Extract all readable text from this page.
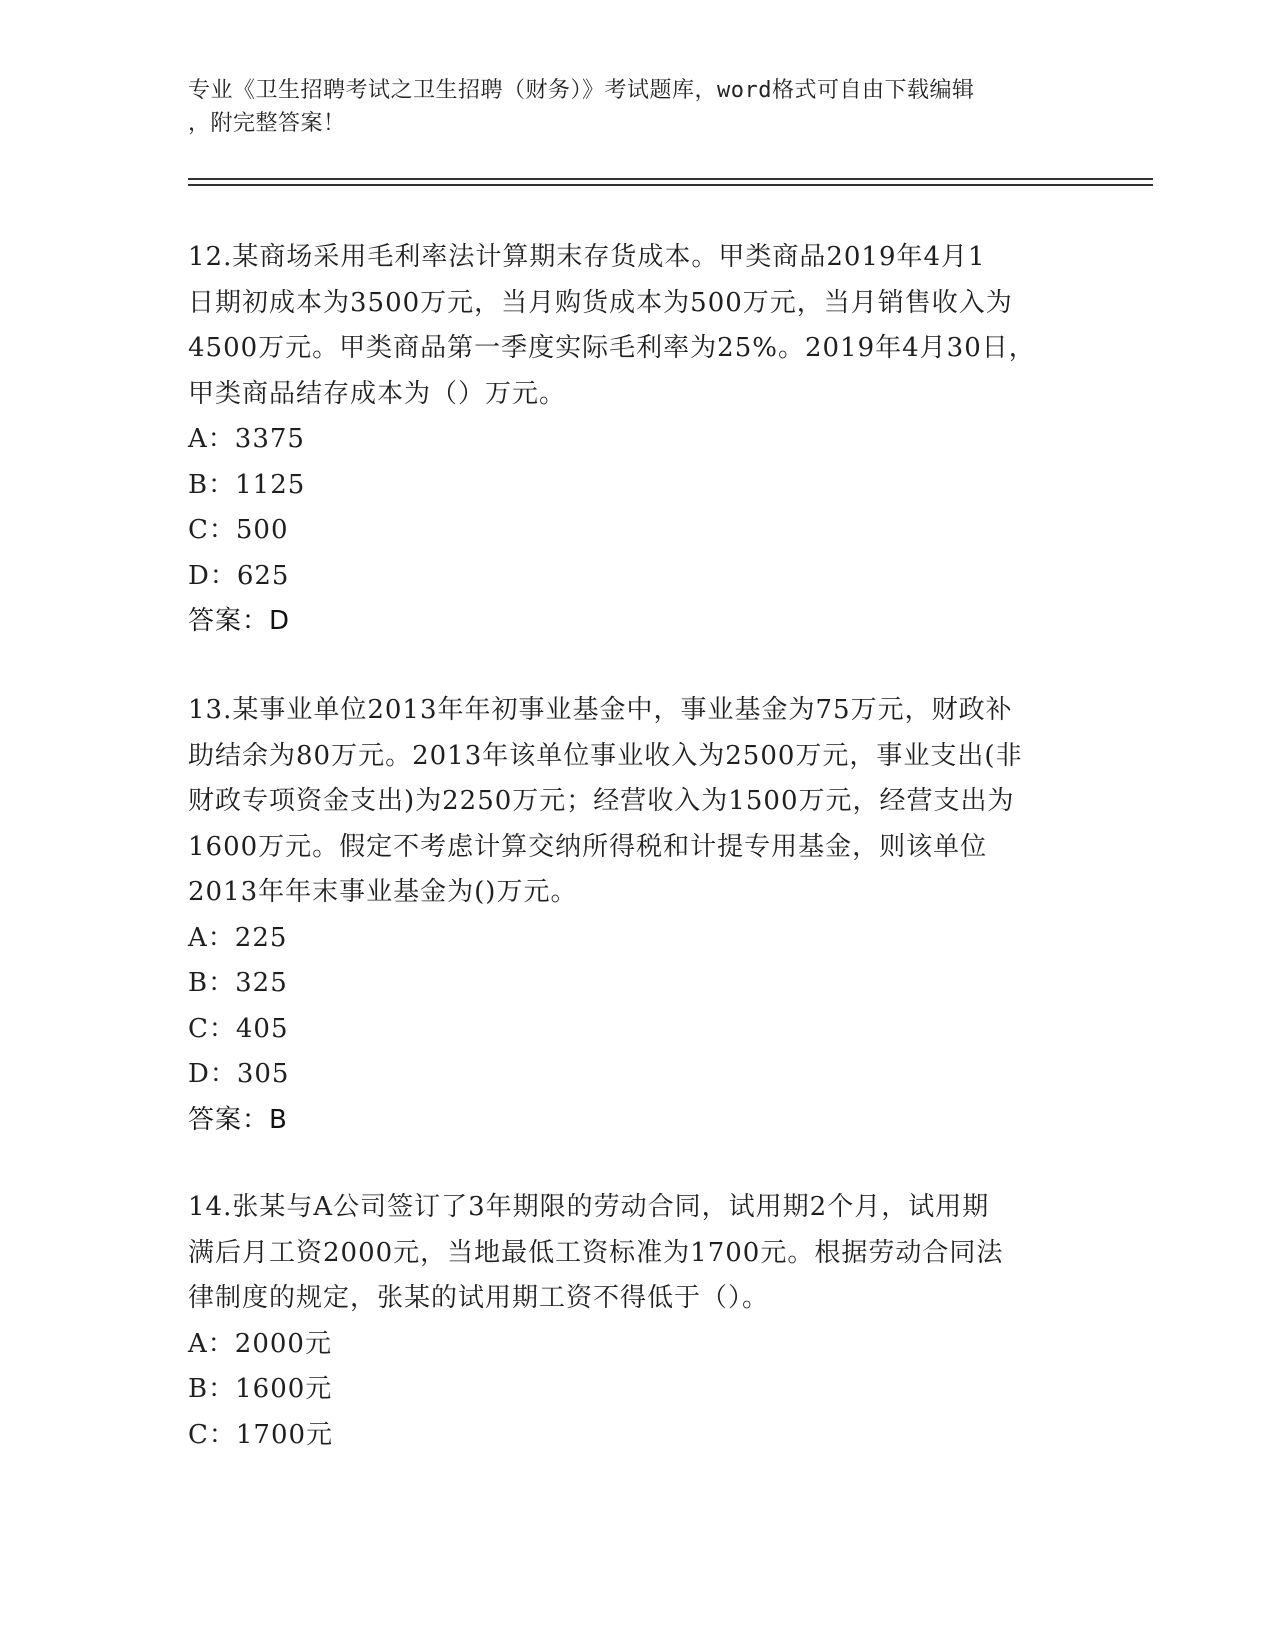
专业《卫生招聘考试之卫生招聘（财务）》考试题库，word格式可自由下载编辑
，附完整答案！
12.某商场采用毛利率法计算期末存货成本。甲类商品2019年4月1
日期初成本为3500万元，当月购货成本为500万元，当月销售收入为
4500万元。甲类商品第一季度实际毛利率为25%。2019年4月30日，
甲类商品结存成本为（）万元。
A：3375
B：1125
C：500
D：625
答案：D
13.某事业单位2013年年初事业基金中，事业基金为75万元，财政补
助结余为80万元。2013年该单位事业收入为2500万元，事业支出(非
财政专项资金支出)为2250万元；经营收入为1500万元，经营支出为
1600万元。假定不考虑计算交纳所得税和计提专用基金，则该单位
2013年年末事业基金为()万元。
A：225
B：325
C：405
D：305
答案：B
14.张某与A公司签订了3年期限的劳动合同，试用期2个月，试用期
满后月工资2000元，当地最低工资标准为1700元。根据劳动合同法
律制度的规定，张某的试用期工资不得低于（）。
A：2000元
B：1600元
C：1700元
